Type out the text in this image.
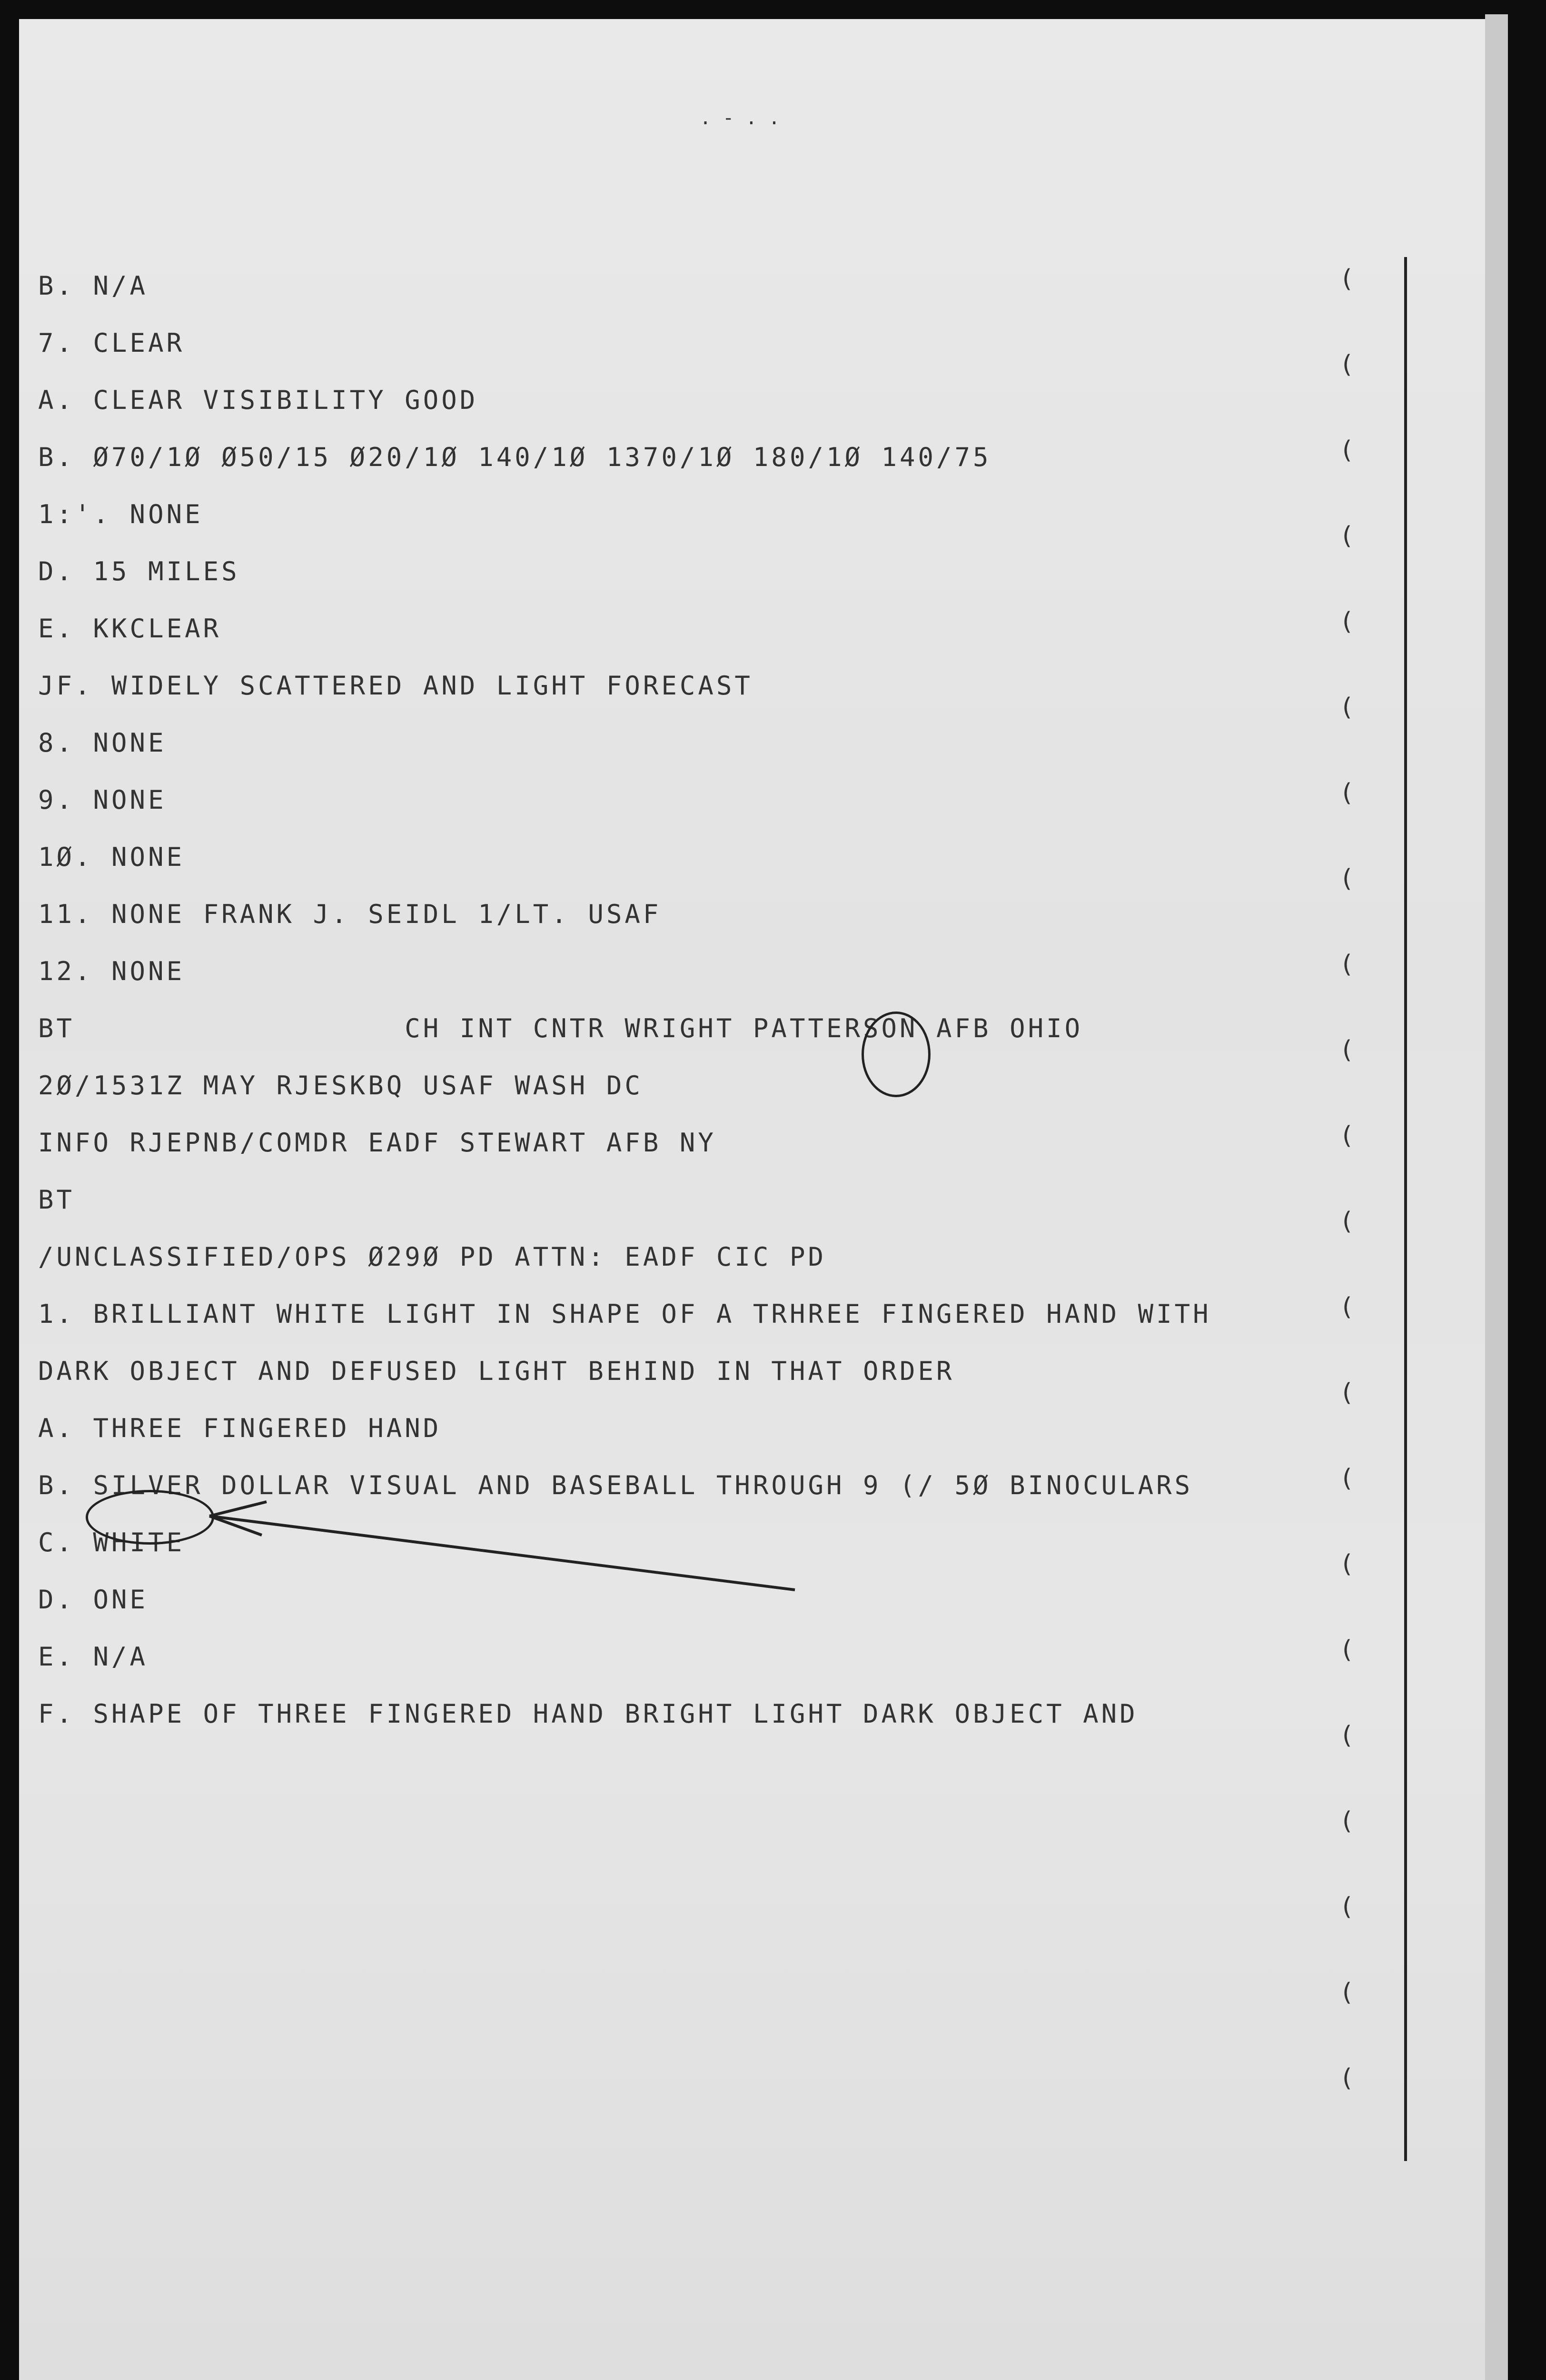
. - . .
B. N/A
7. CLEAR
A. CLEAR VISIBILITY GOOD
B. Ø70/1Ø Ø50/15 Ø20/1Ø 140/1Ø 1370/1Ø 180/1Ø 140/75
1:'. NONE
D. 15 MILES
E. KKCLEAR
JF. WIDELY SCATTERED AND LIGHT FORECAST
8. NONE
9. NONE
1Ø. NONE
11. NONE FRANK J. SEIDL 1/LT. USAF
12. NONE
BT                  CH INT CNTR WRIGHT PATTERSON AFB OHIO
2Ø/1531Z MAY RJESKBQ USAF WASH DC
INFO RJEPNB/COMDR EADF STEWART AFB NY
BT
/UNCLASSIFIED/OPS Ø29Ø PD ATTN: EADF CIC PD
1. BRILLIANT WHITE LIGHT IN SHAPE OF A TRHREE FINGERED HAND WITH
DARK OBJECT AND DEFUSED LIGHT BEHIND IN THAT ORDER
A. THREE FINGERED HAND
B. SILVER DOLLAR VISUAL AND BASEBALL THROUGH 9 (/ 5Ø BINOCULARS
C. WHITE
D. ONE
E. N/A
F. SHAPE OF THREE FINGERED HAND BRIGHT LIGHT DARK OBJECT AND
(
(
(
(
(
(
(
(
(
(
(
(
(
(
(
(
(
(
(
(
(
(
